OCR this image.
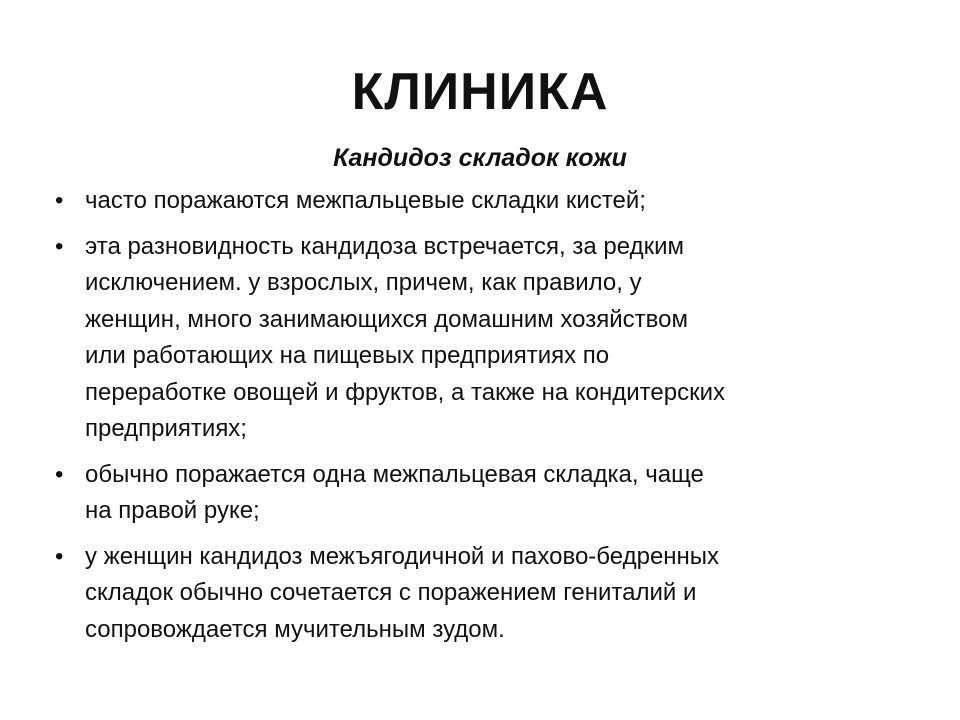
КЛИНИКА
Кандидоз складок кожи
• часто поражаются межпальцевые складки кистей;
• эта разновидность кандидоза встречается, за редким
исключением. у взрослых, причем, как правило, у
женщин, много занимающихся домашним хозяйством
или работающих на пищевых предприятиях по
переработке овощей и фруктов, а также на кондитерских
предприятиях;
• обычно поражается одна межпальцевая складка, чаще
на правой руке;
• у женщин кандидоз межъягодичной и пахово-бедренных
складок обычно сочетается с поражением гениталий и
сопровождается мучительным зудом.
